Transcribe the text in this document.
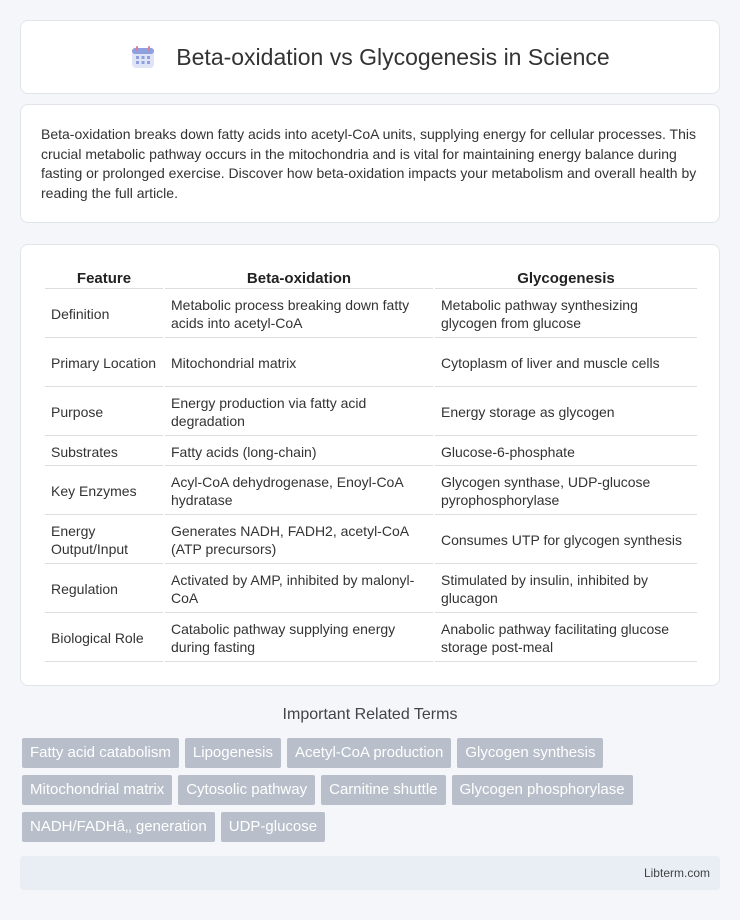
Beta-oxidation vs Glycogenesis in Science

Beta-oxidation breaks down fatty acids into acetyl-CoA units, supplying energy for cellular processes. This crucial metabolic pathway occurs in the mitochondria and is vital for maintaining energy balance during fasting or prolonged exercise. Discover how beta-oxidation impacts your metabolism and overall health by reading the full article.

Feature	Beta-oxidation	Glycogenesis
Definition	Metabolic process breaking down fatty acids into acetyl-CoA	Metabolic pathway synthesizing glycogen from glucose
Primary Location	Mitochondrial matrix	Cytoplasm of liver and muscle cells
Purpose	Energy production via fatty acid degradation	Energy storage as glycogen
Substrates	Fatty acids (long-chain)	Glucose-6-phosphate
Key Enzymes	Acyl-CoA dehydrogenase, Enoyl-CoA hydratase	Glycogen synthase, UDP-glucose pyrophosphorylase
Energy Output/Input	Generates NADH, FADH2, acetyl-CoA (ATP precursors)	Consumes UTP for glycogen synthesis
Regulation	Activated by AMP, inhibited by malonyl-CoA	Stimulated by insulin, inhibited by glucagon
Biological Role	Catabolic pathway supplying energy during fasting	Anabolic pathway facilitating glucose storage post-meal
Important Related Terms
Fatty acid catabolism	Lipogenesis	Acetyl-CoA production	Glycogen synthesis
Mitochondrial matrix	Cytosolic pathway	Carnitine shuttle	Glycogen phosphorylase
NADH/FADHâ‚‚ generation	UDP-glucose
Libterm.com
